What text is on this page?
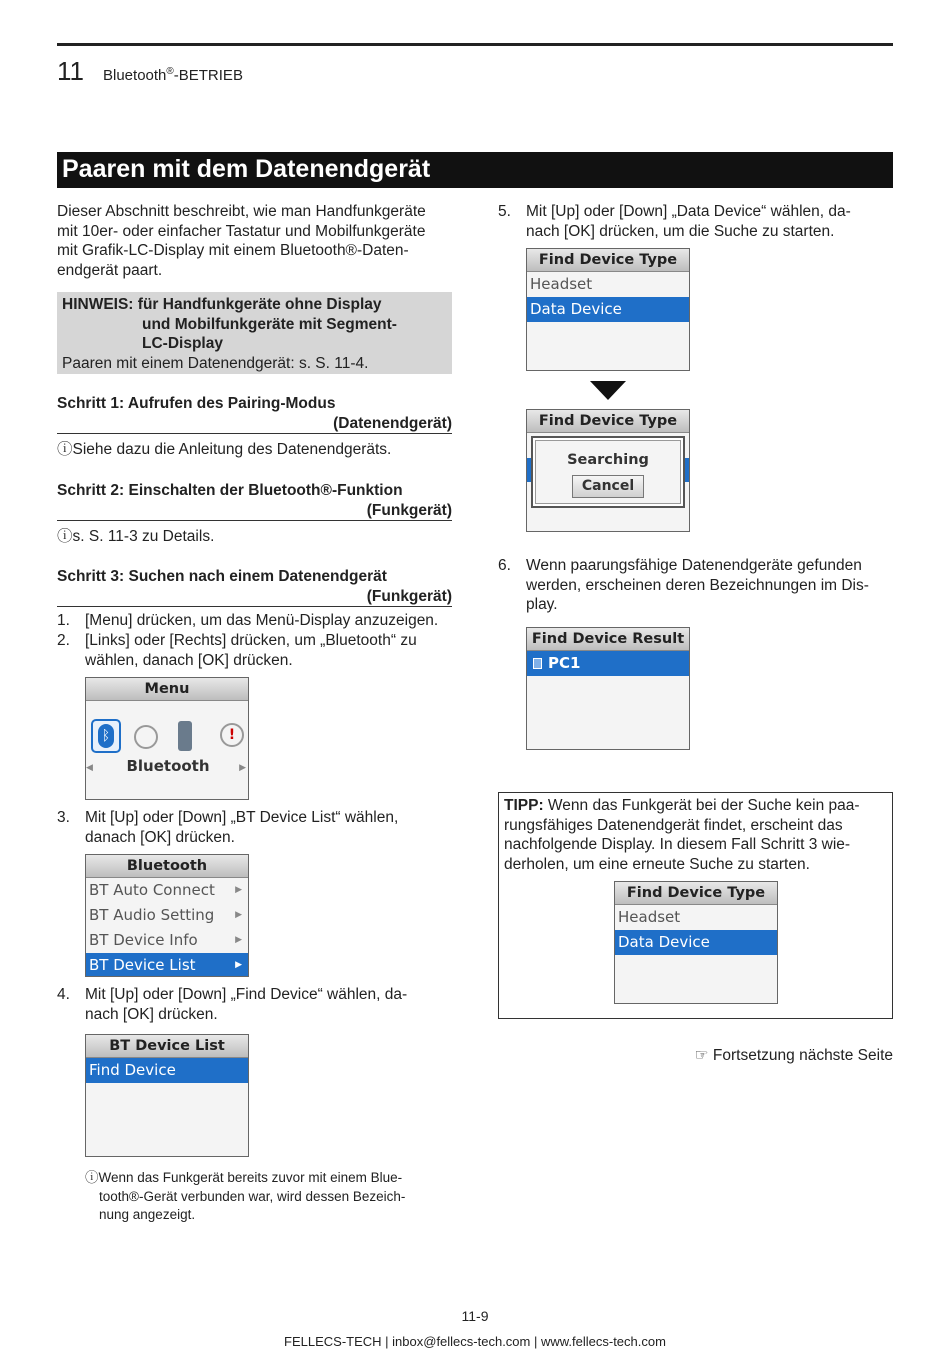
11 Bluetooth®-BETRIEB
Paaren mit dem Datenendgerät
Dieser Abschnitt beschreibt, wie man Handfunkgeräte
mit 10er- oder einfacher Tastatur und Mobilfunkgeräte
mit Grafik-LC-Display mit einem Bluetooth®-Daten-
endgerät paart.
HINWEIS: für Handfunkgeräte ohne Display
und Mobilfunkgeräte mit Segment-
LC-Display
Paaren mit einem Datenendgerät: s. S. 11-4.
Schritt 1: Aufrufen des Pairing-Modus
(Datenendgerät)
ⓘSiehe dazu die Anleitung des Datenendgeräts.
Schritt 2: Einschalten der Bluetooth®-Funktion
(Funkgerät)
ⓘs. S. 11-3 zu Details.
Schritt 3: Suchen nach einem Datenendgerät
(Funkgerät)
1. [Menu] drücken, um das Menü-Display anzuzeigen.
2. [Links] oder [Rechts] drücken, um „Bluetooth“ zu
wählen, danach [OK] drücken.
Menu
ᛒ	!
◀	▶
Bluetooth
3. Mit [Up] oder [Down] „BT Device List“ wählen,
danach [OK] drücken.
Bluetooth
BT Auto Connect ▶
BT Audio Setting ▶
BT Device Info	▶
BT Device List	▶
4. Mit [Up] oder [Down] „Find Device“ wählen, da-
nach [OK] drücken.
BT Device List
Find Device
ⓘWenn das Funkgerät bereits zuvor mit einem Blue-
tooth®-Gerät verbunden war, wird dessen Bezeich-
nung angezeigt.
5. Mit [Up] oder [Down] „Data Device“ wählen, da-
nach [OK] drücken, um die Suche zu starten.
Find Device Type
Headset
Data Device
Find Device Type
Searching
Cancel
6. Wenn paarungsfähige Datenendgeräte gefunden
werden, erscheinen deren Bezeichnungen im Dis-
play.
Find Device Result
PC1
TIPP: Wenn das Funkgerät bei der Suche kein paa-
rungsfähiges Datenendgerät findet, erscheint das
nachfolgende Display. In diesem Fall Schritt 3 wie-
derholen, um eine erneute Suche zu starten.
Find Device Type
Headset
Data Device
☞ Fortsetzung nächste Seite
11-9
FELLECS-TECH | inbox@fellecs-tech.com | www.fellecs-tech.com
